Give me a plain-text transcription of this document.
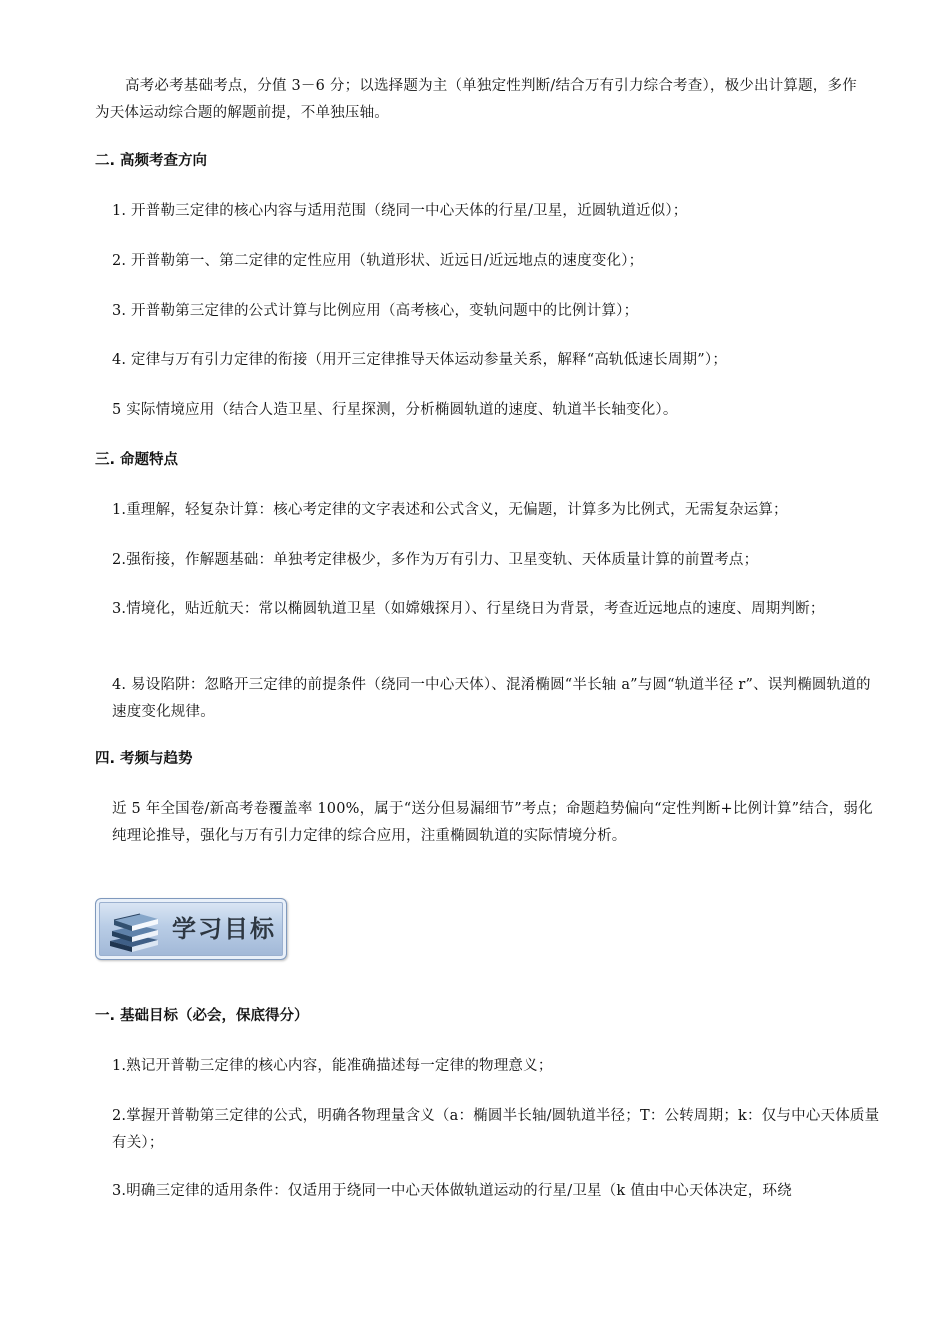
高考必考基础考点，分值 3－6 分；以选择题为主（单独定性判断/结合万有引力综合考查），极少出计算题，多作为天体运动综合题的解题前提，不单独压轴。

二. 高频考查方向

1. 开普勒三定律的核心内容与适用范围（绕同一中心天体的行星/卫星，近圆轨道近似）；

2. 开普勒第一、第二定律的定性应用（轨道形状、近远日/近远地点的速度变化）；

3. 开普勒第三定律的公式计算与比例应用（高考核心，变轨问题中的比例计算）；

4. 定律与万有引力定律的衔接（用开三定律推导天体运动参量关系，解释“高轨低速长周期”）；

5 实际情境应用（结合人造卫星、行星探测，分析椭圆轨道的速度、轨道半长轴变化）。

三. 命题特点

1.重理解，轻复杂计算：核心考定律的文字表述和公式含义，无偏题，计算多为比例式，无需复杂运算；

2.强衔接，作解题基础：单独考定律极少，多作为万有引力、卫星变轨、天体质量计算的前置考点；

3.情境化，贴近航天：常以椭圆轨道卫星（如嫦娥探月）、行星绕日为背景，考查近远地点的速度、周期判断；

4. 易设陷阱：忽略开三定律的前提条件（绕同一中心天体）、混淆椭圆“半长轴 a”与圆“轨道半径 r”、误判椭圆轨道的速度变化规律。

四. 考频与趋势

近 5 年全国卷/新高考卷覆盖率 100%，属于“送分但易漏细节”考点；命题趋势偏向“定性判断+比例计算”结合，弱化纯理论推导，强化与万有引力定律的综合应用，注重椭圆轨道的实际情境分析。

学习目标
一. 基础目标（必会，保底得分）

1.熟记开普勒三定律的核心内容，能准确描述每一定律的物理意义；

2.掌握开普勒第三定律的公式，明确各物理量含义（a：椭圆半长轴/圆轨道半径；T：公转周期；k：仅与中心天体质量有关）；

3.明确三定律的适用条件：仅适用于绕同一中心天体做轨道运动的行星/卫星（k 值由中心天体决定，环绕
